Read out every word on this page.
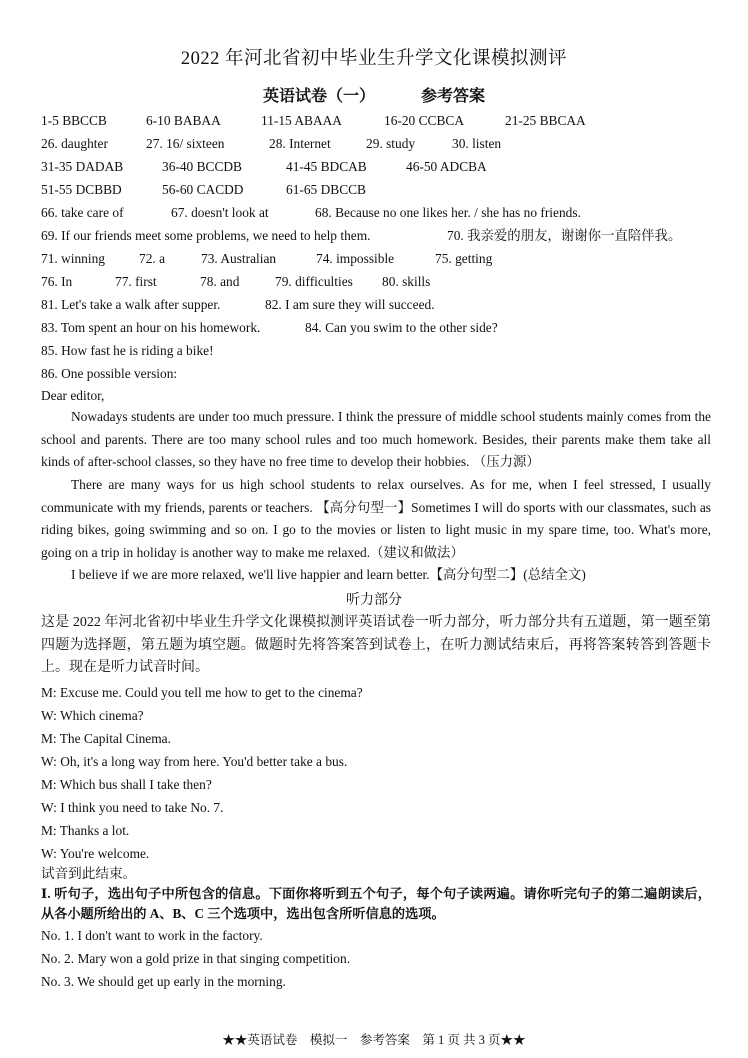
2022 年河北省初中毕业生升学文化课模拟测评
英语试卷（一）	参考答案
1-5 BBCCB	6-10 BABAA	11-15 ABAAA	16-20 CCBCA	21-25 BBCAA
26. daughter	27. 16/ sixteen	28. Internet	29. study	30. listen
31-35 DADAB	36-40 BCCDB	41-45 BDCAB	46-50 ADCBA
51-55 DCBBD	56-60 CACDD	61-65 DBCCB
66. take care of	67. doesn't look at	68. Because no one likes her. / she has no friends.
69. If our friends meet some problems, we need to help them.	70. 我亲爱的朋友，谢谢你一直陪伴我。
71. winning	72. a	73. Australian	74. impossible	75. getting
76. In	77. first	78. and	79. difficulties 80. skills
81. Let's take a walk after supper.	82. I am sure they will succeed.
83. Tom spent an hour on his homework.	84. Can you swim to the other side?
85. How fast he is riding a bike!
86. One possible version:
Dear editor,
Nowadays students are under too much pressure. I think the pressure of middle school students mainly comes from the school and parents. There are too many school rules and too much homework. Besides, their parents make them take all kinds of after-school classes, so they have no free time to develop their hobbies. （压力源）
There are many ways for us high school students to relax ourselves. As for me, when I feel stressed, I usually communicate with my friends, parents or teachers. 【高分句型一】Sometimes I will do sports with our classmates, such as riding bikes, going swimming and so on. I go to the movies or listen to light music in my spare time, too. What's more, going on a trip in holiday is another way to make me relaxed.（建议和做法）
I believe if we are more relaxed, we'll live happier and learn better.【高分句型二】(总结全文)
听力部分
这是 2022 年河北省初中毕业生升学文化课模拟测评英语试卷一听力部分，听力部分共有五道题，第一题至第四题为选择题，第五题为填空题。做题时先将答案答到试卷上，在听力测试结束后，再将答案转答到答题卡上。现在是听力试音时间。
M: Excuse me. Could you tell me how to get to the cinema?
W: Which cinema?
M: The Capital Cinema.
W: Oh, it's a long way from here. You'd better take a bus.
M: Which bus shall I take then?
W: I think you need to take No. 7.
M: Thanks a lot.
W: You're welcome.
试音到此结束。
Ⅰ. 听句子，选出句子中所包含的信息。下面你将听到五个句子，每个句子读两遍。请你听完句子的第二遍朗读后，从各小题所给出的 A、B、C 三个选项中，选出包含所听信息的选项。
No. 1. I don't want to work in the factory.
No. 2. Mary won a gold prize in that singing competition.
No. 3. We should get up early in the morning.
★★英语试卷　模拟一　参考答案　第 1 页 共 3 页★★
